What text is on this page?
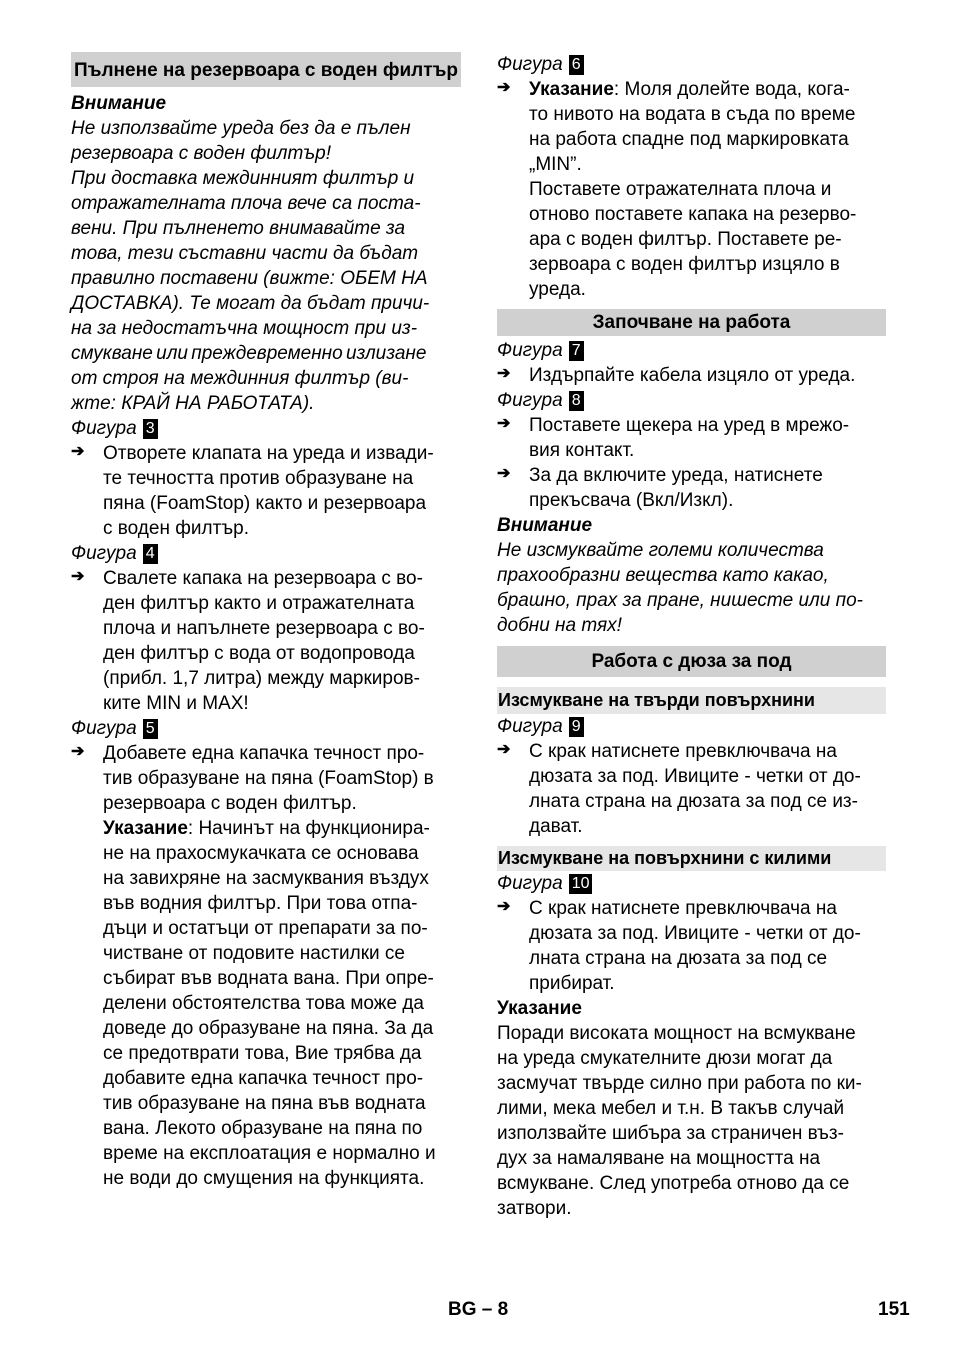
Пълнене на резервоара с воден филтър

Внимание

Не използвайте уреда без да е пълен

резервоара с воден филтър!

При доставка междинният филтър и

отражателната плоча вече са поста-

вени. При пълненето внимавайте за

това, тези съставни части да бъдат

правилно поставени (вижте: ОБЕМ НА

ДОСТАВКА). Те могат да бъдат причи-

на за недостатъчна мощност при из-

смукване или преждевременно излизане

от строя на междинния филтър (ви-

жте: КРАЙ НА РАБОТАТА).

Фигура 3

➔ Отворете клапата на уреда и извади-

те течността против образуване на

пяна (FoamStop) както и резервоара

с воден филтър.

Фигура 4

➔ Свалете капака на резервоара с во-

ден филтър както и отражателната

плоча и напълнете резервоара с во-

ден филтър с вода от водопровода

(прибл. 1,7 литра) между маркиров-

ките MIN и MAX!

Фигура 5

➔ Добавете една капачка течност про-

тив образуване на пяна (FoamStop) в

резервоара с воден филтър.

Указание: Начинът на функционира-

не на прахосмукачката се основава

на завихряне на засмуквания въздух

във водния филтър. При това отпа-

дъци и остатъци от препарати за по-

чистване от подовите настилки се

събират във водната вана. При опре-

делени обстоятелства това може да

доведе до образуване на пяна. За да

се предотврати това, Вие трябва да

добавите една капачка течност про-

тив образуване на пяна във водната

вана. Лекото образуване на пяна по

време на експлоатация е нормално и

не води до смущения на функцията.

Фигура 6

➔ Указание: Моля долейте вода, кога-

то нивото на водата в съда по време

на работа спадне под маркировката

„MIN”.

Поставете отражателната плоча и

отново поставете капака на резерво-

ара с воден филтър. Поставете ре-

зервоара с воден филтър изцяло в

уреда.

Започване на работа

Фигура 7

➔ Издърпайте кабела изцяло от уреда.

Фигура 8

➔ Поставете щекера на уред в мрежо-

вия контакт.

➔ За да включите уреда, натиснете

прекъсвача (Вкл/Изкл).

Внимание

Не изсмуквайте големи количества

прахообразни вещества като какао,

брашно, прах за пране, нишесте или по-

добни на тях!

Работа с дюза за под
Изсмукване на твърди повърхнини

Фигура 9

➔ С крак натиснете превключвача на

дюзата за под. Ивиците - четки от до-

лната страна на дюзата за под се из-

дават.

Изсмукване на повърхнини с килими

Фигура 10

➔ С крак натиснете превключвача на

дюзата за под. Ивиците - четки от до-

лната страна на дюзата за под се

прибират.

Указание

Поради високата мощност на всмукване

на уреда смукателните дюзи могат да

засмучат твърде силно при работа по ки-

лими, мека мебел и т.н. В такъв случай

използвайте шибъра за страничен въз-

дух за намаляване на мощността на

всмукване. След употреба отново да се

затвори.

BG – 8	151
